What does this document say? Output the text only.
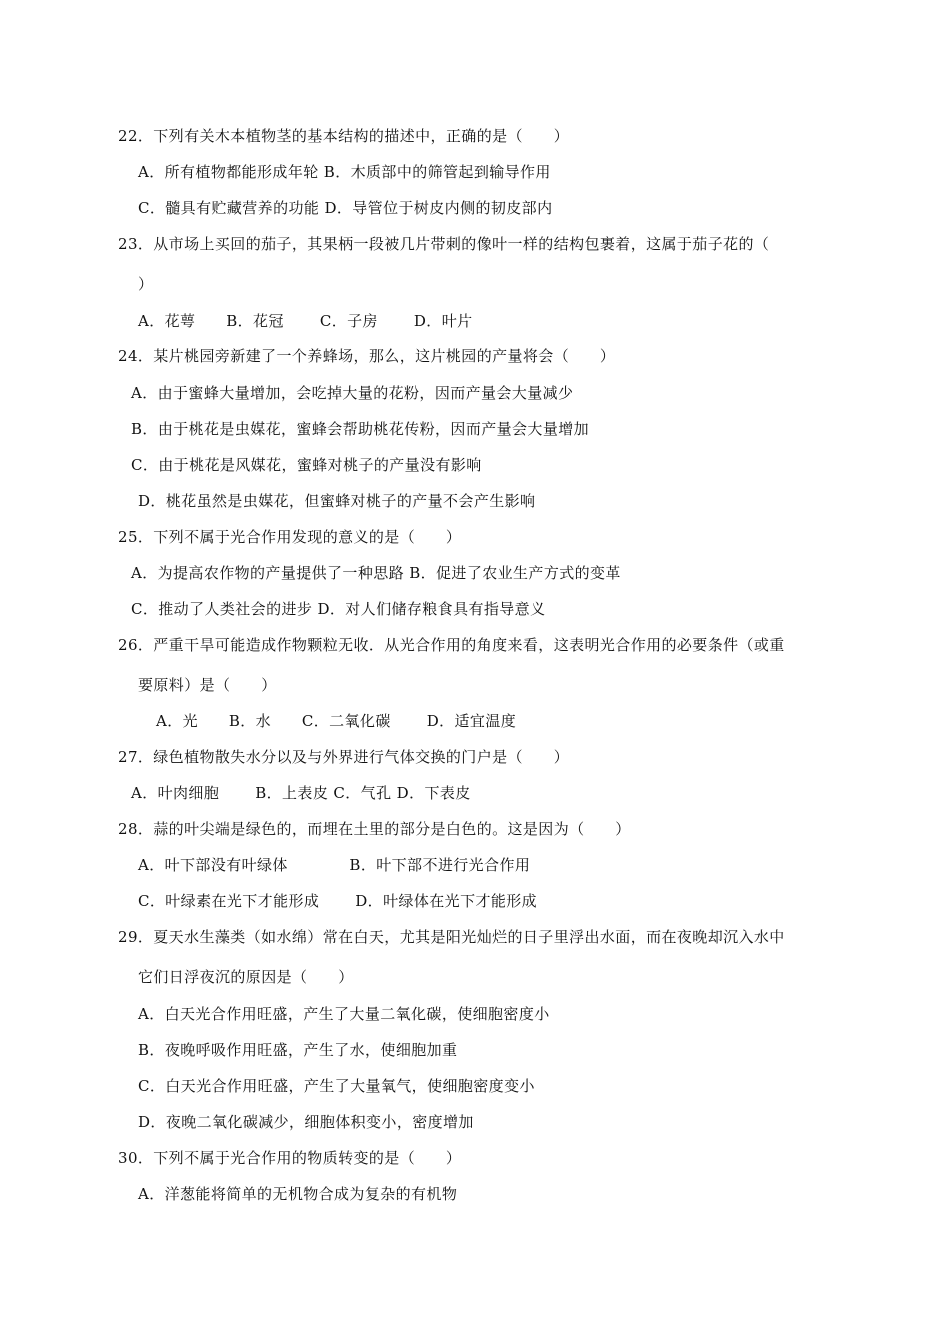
22．下列有关木本植物茎的基本结构的描述中，正确的是（　　）
A．所有植物都能形成年轮 B．木质部中的筛管起到输导作用
C．髓具有贮藏营养的功能 D．导管位于树皮内侧的韧皮部内
23．从市场上买回的茄子，其果柄一段被几片带刺的像叶一样的结构包裹着，这属于茄子花的（
）
A．花萼　　B．花冠　　 C．子房　　 D．叶片
24．某片桃园旁新建了一个养蜂场，那么，这片桃园的产量将会（　　）
A．由于蜜蜂大量增加，会吃掉大量的花粉，因而产量会大量减少
B．由于桃花是虫媒花，蜜蜂会帮助桃花传粉，因而产量会大量增加
C．由于桃花是风媒花，蜜蜂对桃子的产量没有影响
D．桃花虽然是虫媒花，但蜜蜂对桃子的产量不会产生影响
25．下列不属于光合作用发现的意义的是（　　）
A．为提高农作物的产量提供了一种思路 B．促进了农业生产方式的变革
C．推动了人类社会的进步 D．对人们储存粮食具有指导意义
26．严重干旱可能造成作物颗粒无收．从光合作用的角度来看，这表明光合作用的必要条件（或重
要原料）是（　　）
A．光　　B．水　　C．二氧化碳　　 D．适宜温度
27．绿色植物散失水分以及与外界进行气体交换的门户是（　　）
A．叶肉细胞　　 B．上表皮 C．气孔 D．下表皮
28．蒜的叶尖端是绿色的，而埋在土里的部分是白色的。这是因为（　　）
A．叶下部没有叶绿体　　　　B．叶下部不进行光合作用
C．叶绿素在光下才能形成　　 D．叶绿体在光下才能形成
29．夏天水生藻类（如水绵）常在白天，尤其是阳光灿烂的日子里浮出水面，而在夜晚却沉入水中
它们日浮夜沉的原因是（　　）
A．白天光合作用旺盛，产生了大量二氧化碳，使细胞密度小
B．夜晚呼吸作用旺盛，产生了水，使细胞加重
C．白天光合作用旺盛，产生了大量氧气，使细胞密度变小
D．夜晚二氧化碳减少，细胞体积变小，密度增加
30．下列不属于光合作用的物质转变的是（　　）
A．洋葱能将简单的无机物合成为复杂的有机物
